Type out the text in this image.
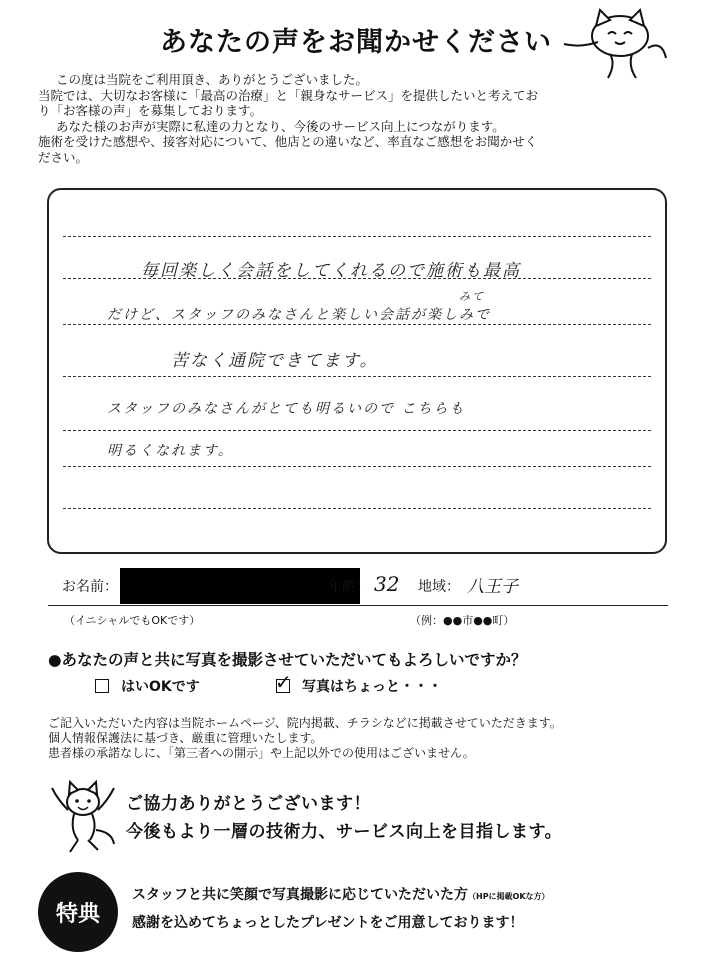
あなたの声をお聞かせください

この度は当院をご利用頂き、ありがとうございました。

当院では、大切なお客様に「最高の治療」と「親身なサービス」を提供したいと考えてお

り「お客様の声」を募集しております。

あなた様のお声が実際に私達の力となり、今後のサービス向上につながります。

施術を受けた感想や、接客対応について、他店との違いなど、率直なご感想をお聞かせく

ださい。

毎回楽しく会話をしてくれるので施術も最高
みて
だけど、スタッフのみなさんと楽しい会話が楽しみで
苦なく通院できてます。
スタッフのみなさんがとても明るいので こちらも
明るくなれます。
お名前：	年齢： 32 地域： 八王子
（イニシャルでもOKです）	（例：●●市●●町）
●あなたの声と共に写真を撮影させていただいてもよろしいですか？
はいOKです	✓ 写真はちょっと・・・

ご記入いただいた内容は当院ホームページ、院内掲載、チラシなどに掲載させていただきます。

個人情報保護法に基づき、厳重に管理いたします。

患者様の承諾なしに、「第三者への開示」や上記以外での使用はございません。

ご協力ありがとうございます！
今後もより一層の技術力、サービス向上を目指します。
特典
スタッフと共に笑顔で写真撮影に応じていただいた方（HPに掲載OKな方）
感謝を込めてちょっとしたプレゼントをご用意しております！
